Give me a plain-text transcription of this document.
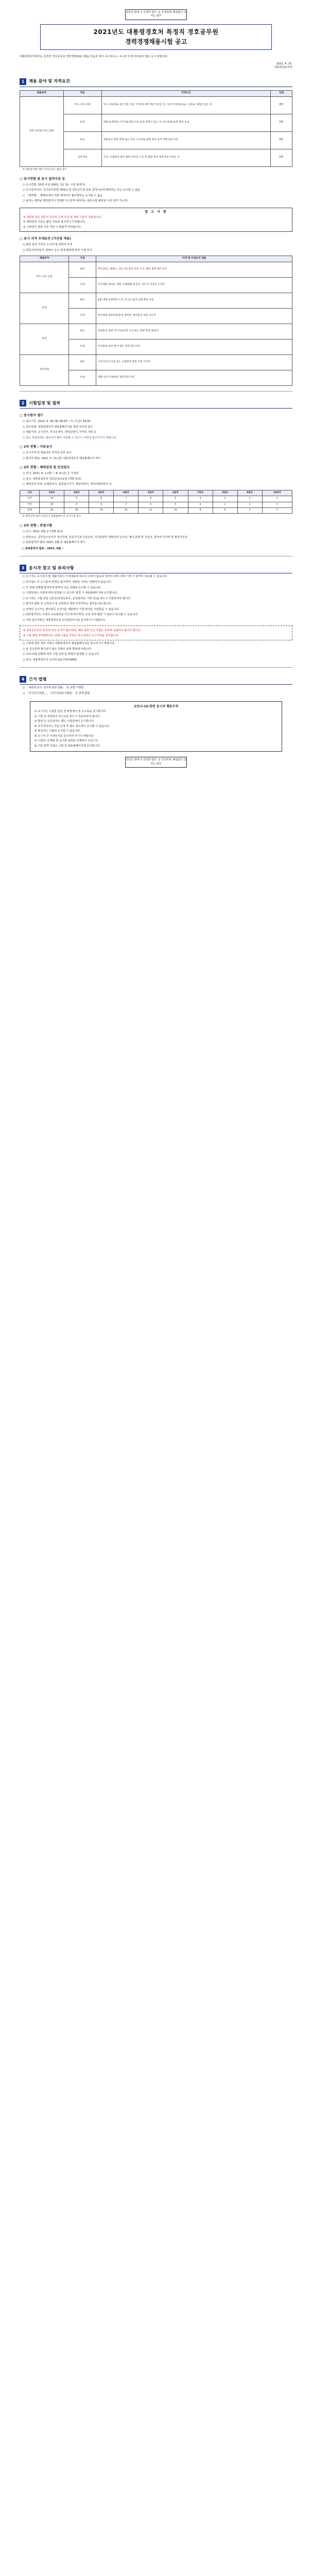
국민의 편에 서 공정한 법무, 늘 공정하게, 빠짐없이 일하는 법무
2021년도 대통령경호처 특정직 경호공무원
경력경쟁채용시험 공고
대통령경호처에서는 특정직 경호공무원 경력경쟁채용시험을 다음과 같이 공고하오니, 우수한 인재 여러분의 많은 응시 바랍니다.
2021. 4. 15.
대통령경호처장
1	채용 분야 및 자격요건
채용분야	직급	자격요건	인원
경호 공무원 (7급 상당)	무도·사격 교관	무도 전공자로 공인 7단 이상, 각 분야 경력 3년 이상인 자, 사격 국가대표 또는 상비군 경력이 있는 자	0명
	운전	대형 운전면허 소지자로 5년 이상 운전 경력이 있는 자, 특수차량 운전 경력 우대	0명
	통신	정보통신 관련 학위 또는 자격 소지자로 관련 분야 실무 경력 2년 이상	0명
	공무직원	조리, 시설관리 분야 관련 자격증 소지 및 관련 분야 경력 3년 이상인 자	0명
※ 채용분야별 세부 자격요건은 붙임 참조
□ 응시연령 및 응시 결격사유 등
○ 응시연령: 20세 이상 (2001. 12. 31. 이전 출생자)
○ 응시결격사유: 국가공무원법 제33조 및 경호공무원 임용 결격사유에 해당하는 자는 응시할 수 없음
○ 「병역법」 제76조에서 정한 병역의무 불이행자는 응시할 수 없음
○ 남자는 병역을 필하였거나 면제된 자 (전역 예정자는 최종시험 예정일 이전 전역 가능자)
참 고 사 항

※ 대통령 경호 업무의 특성상 신체 조건 및 체력 기준이 적용됩니다.

① 체력검정 기준은 붙임 자료를 참고하시기 바랍니다.

② 신체검사 결과 기준 미달 시 불합격 처리됩니다.

□ 응시 자격 우대요건 (가산점 적용)
○ 관련 분야 자격증 소지자 및 경력자 우대
○ 취업지원대상자, 장애인 등은 관계 법령에 따라 가점 부여
채용분야	구분	자격 및 우대요건 내용
무도·사격 교관	필수	무도(유도, 태권도, 검도 등) 공인 단증 소지, 관련 경력 3년 이상
	우대	국가대표·상비군 경력, 국제대회 입상자, 지도자 자격증 소지자
운전	필수	1종 대형 운전면허 소지, 무사고 운전 경력 5년 이상
	우대	특수차량·경호차량 운전 경력자, 방어운전 교육 이수자
통신	필수	정보통신 관련 국가기술자격 소지 또는 관련 학과 졸업자
	우대	무선통신·보안 분야 실무 경력 2년 이상
공무직원	필수	조리기능사 이상 또는 시설관리 관련 자격 소지자
	우대	대량 급식·시설관리 경력 3년 이상
2	시험일정 및 절차
□ 응시원서 접수
○ 접수기간: 2021. 4. 26.(월) 09:00 ~ 5. 7.(금) 18:00
○ 접수방법: 대통령경호처 채용홈페이지를 통한 인터넷 접수
○ 제출서류: 응시원서, 자기소개서, 경력증명서, 자격증 사본 등
○ 접수 마감일에는 접속자가 많아 지연될 수 있으니 사전에 접수하시기 바랍니다.
□ 1차 전형 : 서류심사
○ 응시자격 및 제출서류 적격성 여부 심사
○ 합격자 발표: 2021. 5. 21.(금) 대통령경호처 채용홈페이지 게시
□ 2차 전형 : 체력검정 및 인성검사
○ 일시: 2021. 6. 1.(화) ~ 6. 4.(금) 중 지정일
○ 장소: 대통령경호처 경호안전교육원 (개별 통보)
○ 체력검정 종목: 오래달리기, 윗몸일으키기, 팔굽혀펴기, 제자리멀리뛰기 등
구분	1일차	2일차	3일차	4일차	5일차	6일차	7일차	8일차	9일차	10일차
남자	10	9	8	7	6	5	4	3	2	1
여자	10	9	8	7	6	5	4	3	2	1
합계	20	18	16	14	12	10	8	6	4	2
※ 체력검정 평가기준표는 채용홈페이지 공지사항 참조
□ 3차 전형 : 면접시험
○ 일시: 2021. 6월 중 (개별 통보)
○ 평정요소: 공무원으로서의 정신자세, 전문지식과 응용능력, 의사표현의 정확성과 논리성, 예의·품행 및 성실성, 창의력·의지력 및 발전가능성
○ 최종합격자 발표: 2021. 6월 중 채용홈페이지 게시
□ 최종합격자 발표 : 2021. 6월 ~
3	응시자 참고 및 유의사항
○ 응시자는 응시원서 및 제출서류의 기재내용에 착오나 누락이 없도록 하여야 하며, 허위 기재 시 합격이 취소될 수 있습니다.
○ 원서접수 후 응시분야 변경은 불가하며, 제출된 서류는 반환하지 않습니다.
○ 각 전형 단계별 합격자에 한하여 다음 전형에 응시할 수 있습니다.
○ 시험일정은 사정에 따라 변경될 수 있으며, 변경 시 채용홈페이지에 공지합니다.
○ 응시자는 시험 당일 신분증(주민등록증, 운전면허증, 여권 등)을 반드시 지참하여야 합니다.
○ 합격자 발표 후 신원조사 및 신체검사 결과 부적격자는 합격을 취소합니다.
○ 장애인 응시자는 편의제공 요청서를 제출하여 시험 편의를 지원받을 수 있습니다.
○ 최종합격자는 소정의 교육훈련을 이수하여야 하며, 교육 성적 불량 시 임용이 취소될 수 있습니다.
○ 기타 문의사항은 대통령경호처 인사담당부서로 문의하시기 바랍니다.

※ 경호공무원의 특성상 보안 유지가 필요하며, 채용 관련 모든 사항은 외부에 유출하지 않아야 합니다.

※ 시험 관련 부정행위자는 당해 시험을 무효로 하고 5년간 응시자격을 정지합니다.

○ 시험에 관한 세부 사항은 대통령경호처 채용홈페이지를 참고하시기 바랍니다.
○ 본 공고문에 명시되지 않은 사항은 관계 법령에 따릅니다.
○ 코로나19 상황에 따라 시험 일정 및 방법이 변경될 수 있습니다.
○ 문의: 대통령경호처 인사과 (02-770-0000)
4	근거 법령
○ 「대통령 등의 경호에 관한 법률」 및 동법 시행령
○ 「국가공무원법」, 「공무원임용시험령」 등 관계 법령
코로나-19 관련 응시자 행동수칙

① 응시자는 시험장 입실 전 발열체크 및 손소독을 실시합니다.

② 시험 전 과정에서 마스크를 반드시 착용하여야 합니다.

③ 발열 등 유증상자는 별도 시험실에서 응시합니다.

④ 자가격리자는 사전 신청 후 별도 장소에서 응시할 수 있습니다.

⑤ 확진자는 시험에 응시할 수 없습니다.

⑥ 응시자 간 거리두기를 준수하여 주시기 바랍니다.

⑦ 시험장 내 대화 및 음식물 섭취를 자제하여 주십시오.

⑧ 기타 방역 지침은 시험 전 채용홈페이지에 공지합니다.

국민의 편에 서 공정한 법무, 늘 공정하게, 빠짐없이 일하는 법무
